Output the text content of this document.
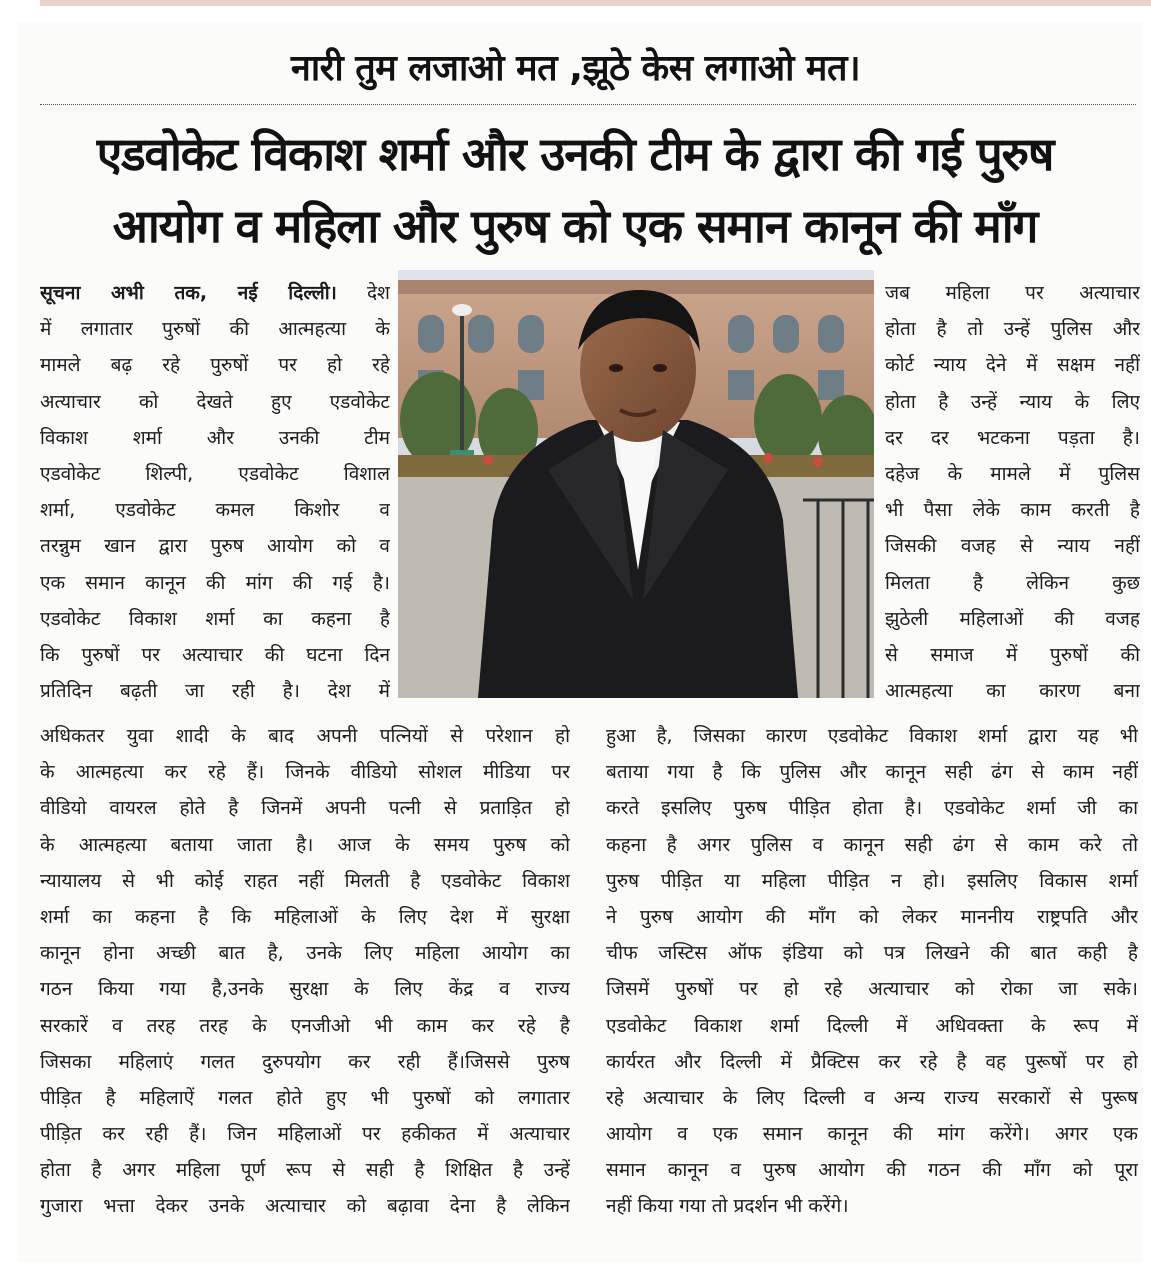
नारी तुम लजाओ मत ,झूठे केस लगाओ मत।
एडवोकेट विकाश शर्मा और उनकी टीम के द्वारा की गई पुरुष
आयोग व महिला और पुरुष को एक समान कानून की माँग
सूचना अभी तक, नई दिल्ली। देश
में लगातार पुरुषों की आत्महत्या के
मामले बढ़ रहे पुरुषों पर हो रहे
अत्याचार को देखते हुए एडवोकेट
विकाश शर्मा और उनकी टीम
एडवोकेट शिल्पी, एडवोकेट विशाल
शर्मा, एडवोकेट कमल किशोर व
तरन्नुम खान द्वारा पुरुष आयोग को व
एक समान कानून की मांग की गई है।
एडवोकेट विकाश शर्मा का कहना है
कि पुरुषों पर अत्याचार की घटना दिन
प्रतिदिन बढ़ती जा रही है। देश में
जब महिला पर अत्याचार
होता है तो उन्हें पुलिस और
कोर्ट न्याय देने में सक्षम नहीं
होता है उन्हें न्याय के लिए
दर दर भटकना पड़ता है।
दहेज के मामले में पुलिस
भी पैसा लेके काम करती है
जिसकी वजह से न्याय नहीं
मिलता है लेकिन कुछ
झुठेली महिलाओं की वजह
से समाज में पुरुषों की
आत्महत्या का कारण बना
अधिकतर युवा शादी के बाद अपनी पत्नियों से परेशान हो
के आत्महत्या कर रहे हैं। जिनके वीडियो सोशल मीडिया पर
वीडियो वायरल होते है जिनमें अपनी पत्नी से प्रताड़ित हो
के आत्महत्या बताया जाता है। आज के समय पुरुष को
न्यायालय से भी कोई राहत नहीं मिलती है एडवोकेट विकाश
शर्मा का कहना है कि महिलाओं के लिए देश में सुरक्षा
कानून होना अच्छी बात है, उनके लिए महिला आयोग का
गठन किया गया है,उनके सुरक्षा के लिए केंद्र व राज्य
सरकारें व तरह तरह के एनजीओ भी काम कर रहे है
जिसका महिलाएं गलत दुरुपयोग कर रही हैं।जिससे पुरुष
पीड़ित है महिलाऐं गलत होते हुए भी पुरुषों को लगातार
पीड़ित कर रही हैं। जिन महिलाओं पर हकीकत में अत्याचार
होता है अगर महिला पूर्ण रूप से सही है शिक्षित है उन्हें
गुजारा भत्ता देकर उनके अत्याचार को बढ़ावा देना है लेकिन
हुआ है, जिसका कारण एडवोकेट विकाश शर्मा द्वारा यह भी
बताया गया है कि पुलिस और कानून सही ढंग से काम नहीं
करते इसलिए पुरुष पीड़ित होता है। एडवोकेट शर्मा जी का
कहना है अगर पुलिस व कानून सही ढंग से काम करे तो
पुरुष पीड़ित या महिला पीड़ित न हो। इसलिए विकास शर्मा
ने पुरुष आयोग की माँग को लेकर माननीय राष्ट्रपति और
चीफ जस्टिस ऑफ इंडिया को पत्र लिखने की बात कही है
जिसमें पुरुषों पर हो रहे अत्याचार को रोका जा सके।
एडवोकेट विकाश शर्मा दिल्ली में अधिवक्ता के रूप में
कार्यरत और दिल्ली में प्रैक्टिस कर रहे है वह पुरूषों पर हो
रहे अत्याचार के लिए दिल्ली व अन्य राज्य सरकारों से पुरूष
आयोग व एक समान कानून की मांग करेंगे। अगर एक
समान कानून व पुरुष आयोग की गठन की माँग को पूरा
नहीं किया गया तो प्रदर्शन भी करेंगे।
